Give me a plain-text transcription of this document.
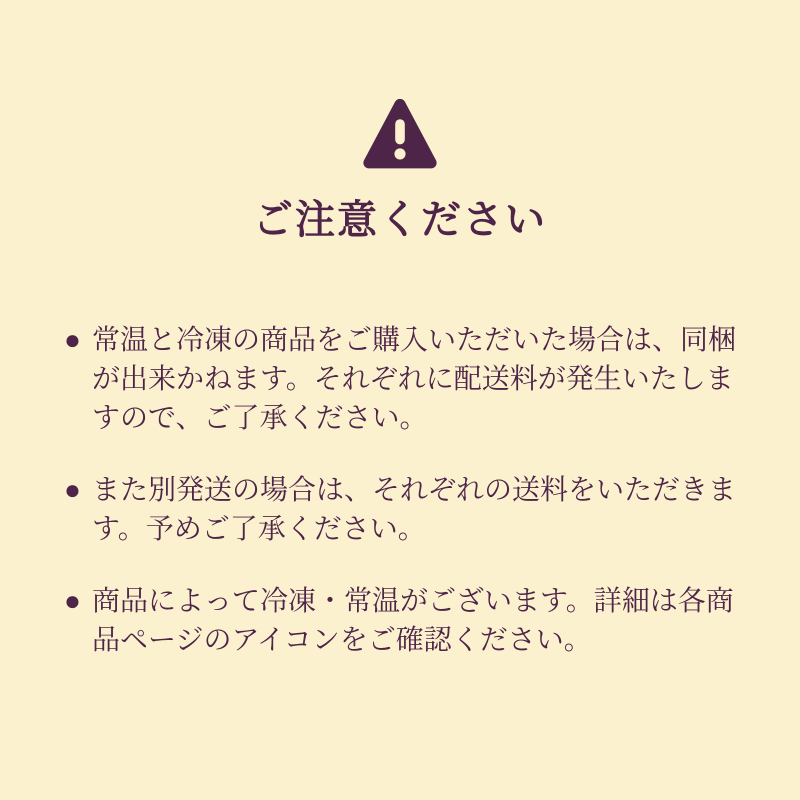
ご注意ください

● 常温と冷凍の商品をご購入いただいた場合は、同梱が出来かねます。それぞれに配送料が発生いたしますので、ご了承ください。

● また別発送の場合は、それぞれの送料をいただきます。予めご了承ください。

● 商品によって冷凍・常温がございます。詳細は各商品ページのアイコンをご確認ください。
